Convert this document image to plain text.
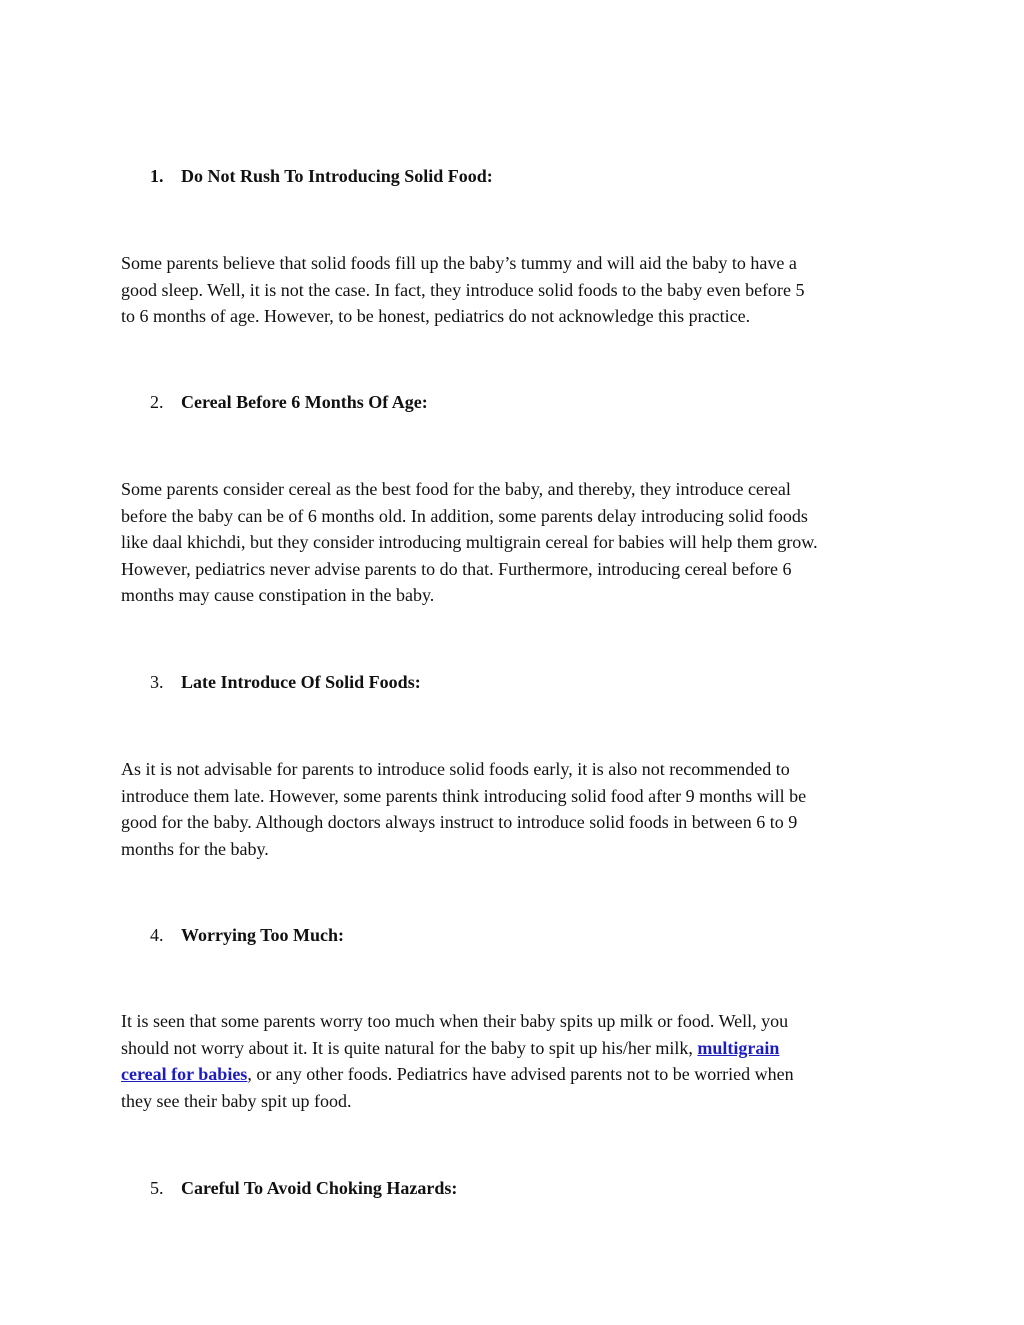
1. Do Not Rush To Introducing Solid Food:
Some parents believe that solid foods fill up the baby’s tummy and will aid the baby to have a
good sleep. Well, it is not the case. In fact, they introduce solid foods to the baby even before 5
to 6 months of age. However, to be honest, pediatrics do not acknowledge this practice.
2. Cereal Before 6 Months Of Age:
Some parents consider cereal as the best food for the baby, and thereby, they introduce cereal
before the baby can be of 6 months old. In addition, some parents delay introducing solid foods
like daal khichdi, but they consider introducing multigrain cereal for babies will help them grow.
However, pediatrics never advise parents to do that. Furthermore, introducing cereal before 6
months may cause constipation in the baby.
3. Late Introduce Of Solid Foods:
As it is not advisable for parents to introduce solid foods early, it is also not recommended to
introduce them late. However, some parents think introducing solid food after 9 months will be
good for the baby. Although doctors always instruct to introduce solid foods in between 6 to 9
months for the baby.
4. Worrying Too Much:
It is seen that some parents worry too much when their baby spits up milk or food. Well, you
should not worry about it. It is quite natural for the baby to spit up his/her milk, multigrain
cereal for babies, or any other foods. Pediatrics have advised parents not to be worried when
they see their baby spit up food.
5. Careful To Avoid Choking Hazards:
